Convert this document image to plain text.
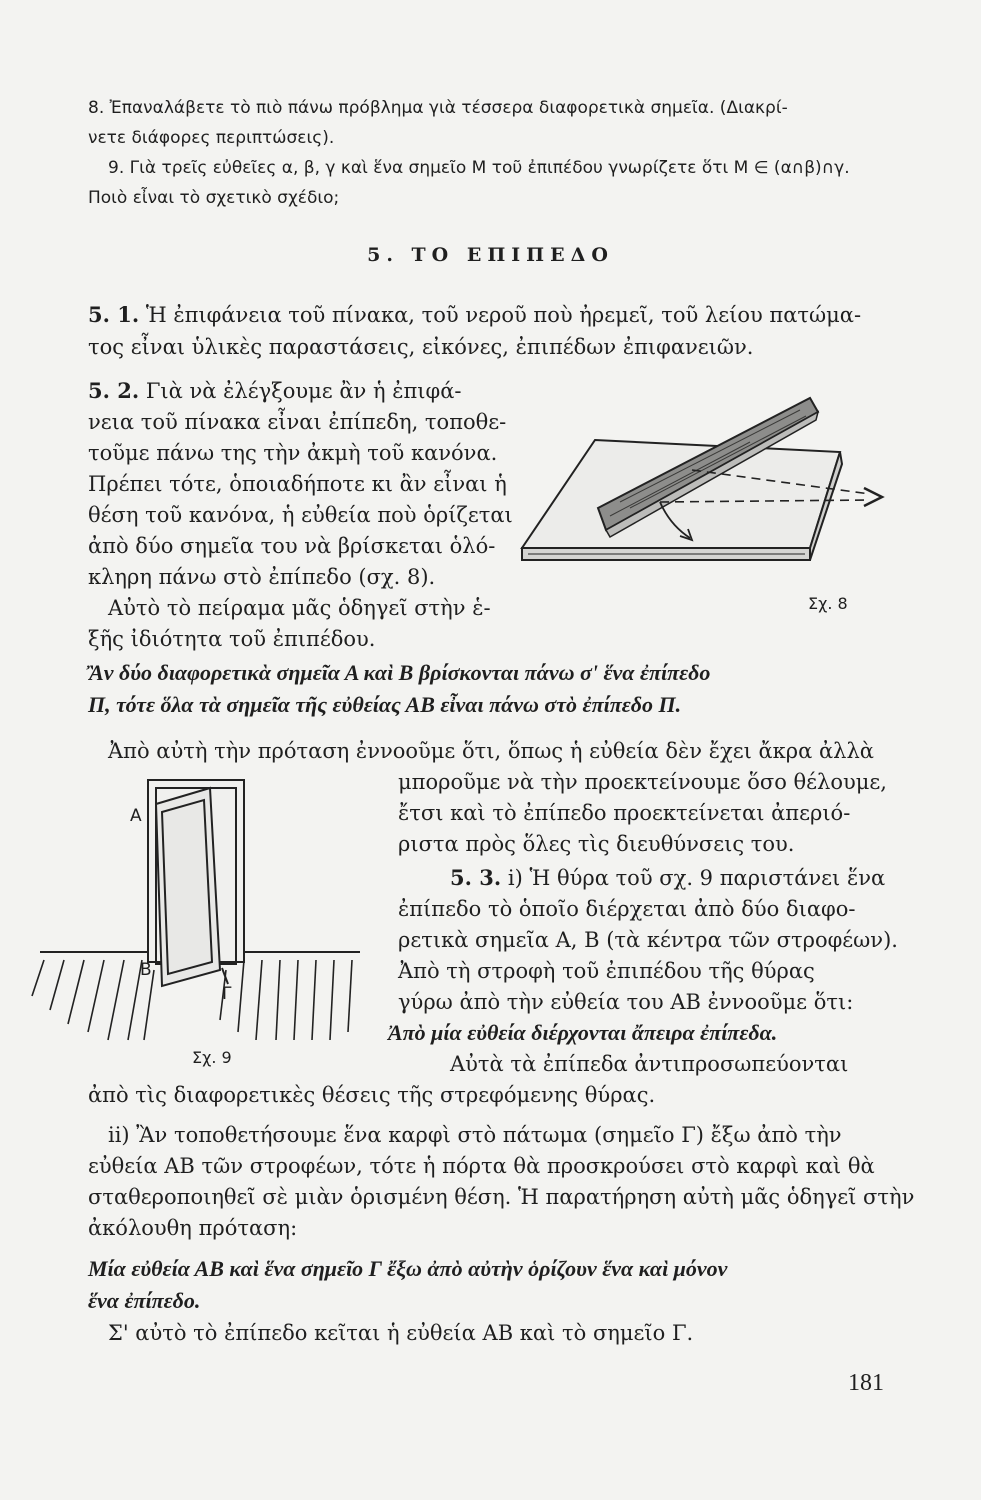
8. Ἐπαναλάβετε τὸ πιὸ πάνω πρόβλημα γιὰ τέσσερα διαφορετικὰ σημεῖα. (Διακρί-
νετε διάφορες περιπτώσεις).
9. Γιὰ τρεῖς εὐθεῖες α, β, γ καὶ ἕνα σημεῖο Μ τοῦ ἐπιπέδου γνωρίζετε ὅτι Μ ∈ (α∩β)∩γ.
Ποιὸ εἶναι τὸ σχετικὸ σχέδιο;
5. ΤΟ ΕΠΙΠΕΔΟ
5. 1. Ἡ ἐπιφάνεια τοῦ πίνακα, τοῦ νεροῦ ποὺ ἠρεμεῖ, τοῦ λείου πατώμα-
τος εἶναι ὑλικὲς παραστάσεις, εἰκόνες, ἐπιπέδων ἐπιφανειῶν.
5. 2. Γιὰ νὰ ἐλέγξουμε ἂν ἡ ἐπιφά-
νεια τοῦ πίνακα εἶναι ἐπίπεδη, τοποθε-
τοῦμε πάνω της τὴν ἀκμὴ τοῦ κανόνα.
Πρέπει τότε, ὁποιαδήποτε κι ἂν εἶναι ἡ
θέση τοῦ κανόνα, ἡ εὐθεία ποὺ ὁρίζεται
ἀπὸ δύο σημεῖα του νὰ βρίσκεται ὁλό-
κληρη πάνω στὸ ἐπίπεδο (σχ. 8).
Αὐτὸ τὸ πείραμα μᾶς ὁδηγεῖ στὴν ἑ-
ξῆς ἰδιότητα τοῦ ἐπιπέδου.
Σχ. 8
Ἂν δύο διαφορετικὰ σημεῖα Α καὶ Β βρίσκονται πάνω σ' ἕνα ἐπίπεδο
Π, τότε ὅλα τὰ σημεῖα τῆς εὐθείας ΑΒ εἶναι πάνω στὸ ἐπίπεδο Π.
Ἀπὸ αὐτὴ τὴν πρόταση ἐννοοῦμε ὅτι, ὅπως ἡ εὐθεία δὲν ἔχει ἄκρα ἀλλὰ
μποροῦμε νὰ τὴν προεκτείνουμε ὅσο θέλουμε,
ἔτσι καὶ τὸ ἐπίπεδο προεκτείνεται ἀπεριό-
ριστα πρὸς ὅλες τὶς διευθύνσεις του.
Α
Β
Γ
Σχ. 9
5. 3. i) Ἡ θύρα τοῦ σχ. 9 παριστάνει ἕνα
ἐπίπεδο τὸ ὁποῖο διέρχεται ἀπὸ δύο διαφο-
ρετικὰ σημεῖα Α, Β (τὰ κέντρα τῶν στροφέων).
Ἀπὸ τὴ στροφὴ τοῦ ἐπιπέδου τῆς θύρας
γύρω ἀπὸ τὴν εὐθεία του ΑΒ ἐννοοῦμε ὅτι:
Ἀπὸ μία εὐθεία διέρχονται ἄπειρα ἐπίπεδα.
Αὐτὰ τὰ ἐπίπεδα ἀντιπροσωπεύονται
ἀπὸ τὶς διαφορετικὲς θέσεις τῆς στρεφόμενης θύρας.
ii) Ἂν τοποθετήσουμε ἕνα καρφὶ στὸ πάτωμα (σημεῖο Γ) ἔξω ἀπὸ τὴν
εὐθεία ΑΒ τῶν στροφέων, τότε ἡ πόρτα θὰ προσκρούσει στὸ καρφὶ καὶ θὰ
σταθεροποιηθεῖ σὲ μιὰν ὁρισμένη θέση. Ἡ παρατήρηση αὐτὴ μᾶς ὁδηγεῖ στὴν
ἀκόλουθη πρόταση:
Μία εὐθεία ΑΒ καὶ ἕνα σημεῖο Γ ἔξω ἀπὸ αὐτὴν ὁρίζουν ἕνα καὶ μόνον
ἕνα ἐπίπεδο.
Σ' αὐτὸ τὸ ἐπίπεδο κεῖται ἡ εὐθεία ΑΒ καὶ τὸ σημεῖο Γ.
181
